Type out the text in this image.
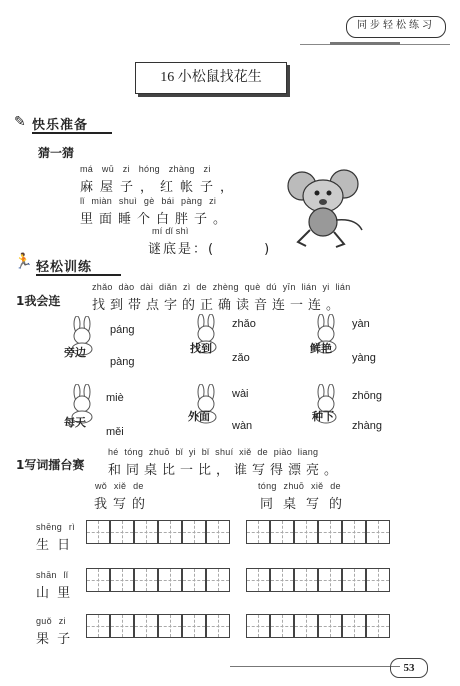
同步轻松练习
16 小松鼠找花生
✎ 快乐准备
猜一猜
má wū zi hóng zhàng zi
麻屋子，红帐子，
lǐ miàn shuì gè bái pàng zi
里面睡个白胖子。
mí dǐ shì
谜底是：(        )
🏃 轻松训练
1我会连
zhǎo dào dài diǎn zì de zhèng què dú yīn lián yi lián
找到带点字的正确读音连一连。
旁边
páng
pàng
找到
zhǎo
zǎo
鲜艳
yàn
yàng
每天
miè
měi
外面
wài
wàn
种下
zhōng
zhàng
1写词擂台赛
hé tóng zhuō bǐ yi bǐ shuí xiě de piào liang
和同桌比一比，谁写得漂亮。
wǒ xiě de
我写的
tóng zhuō xiě de
同桌写的
shēng rì
生 日
shān lǐ
山 里
guǒ zi
果 子
53
